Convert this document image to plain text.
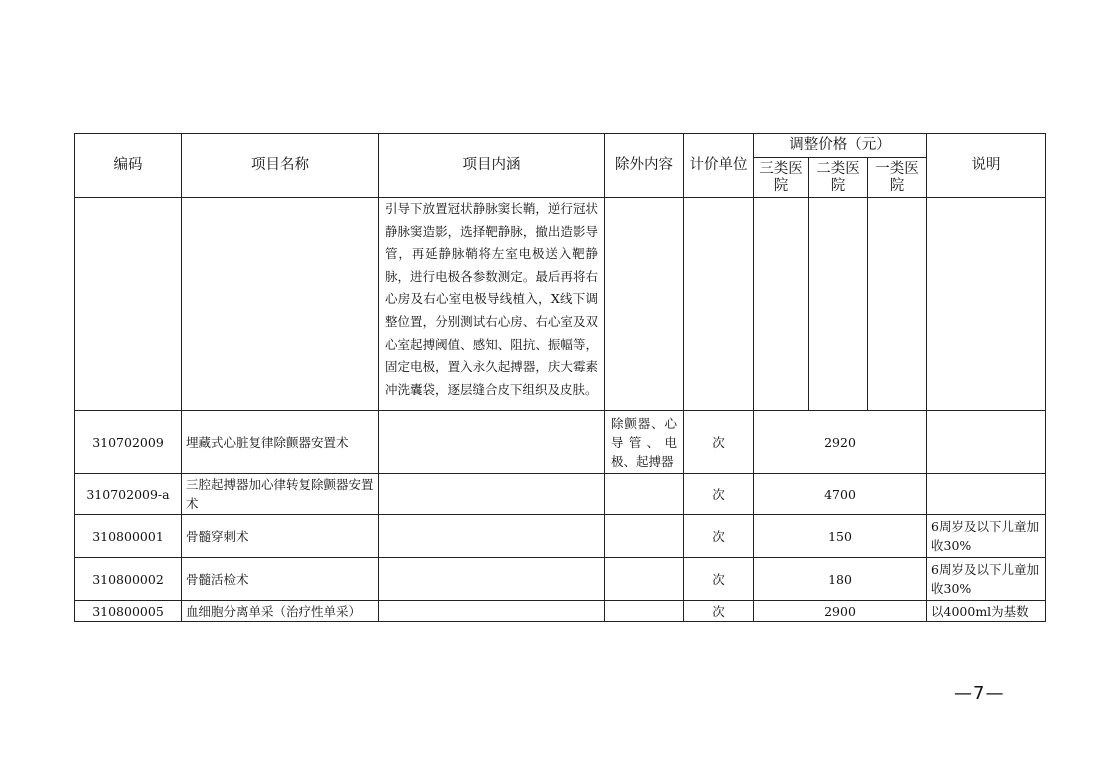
编码	项目名称	项目内涵	除外内容	计价单位	调整价格（元）			说明
					三类医院	二类医院	一类医院	
		引导下放置冠状静脉窦长鞘，逆行冠状静脉窦造影，选择靶静脉，撤出造影导管，再延静脉鞘将左室电极送入靶静脉，进行电极各参数测定。最后再将右心房及右心室电极导线植入，X线下调整位置，分别测试右心房、右心室及双心室起搏阈值、感知、阻抗、振幅等，固定电极，置入永久起搏器，庆大霉素冲洗囊袋，逐层缝合皮下组织及皮肤。						
310702009	埋藏式心脏复律除颤器安置术		除颤器、心导管、电极、起搏器	次	2920			
310702009-a	三腔起搏器加心律转复除颤器安置术			次	4700			
310800001	骨髓穿刺术			次	150			6周岁及以下儿童加收30%
310800002	骨髓活检术			次	180			6周岁及以下儿童加收30%
310800005	血细胞分离单采（治疗性单采）			次	2900			以4000ml为基数
—7—
